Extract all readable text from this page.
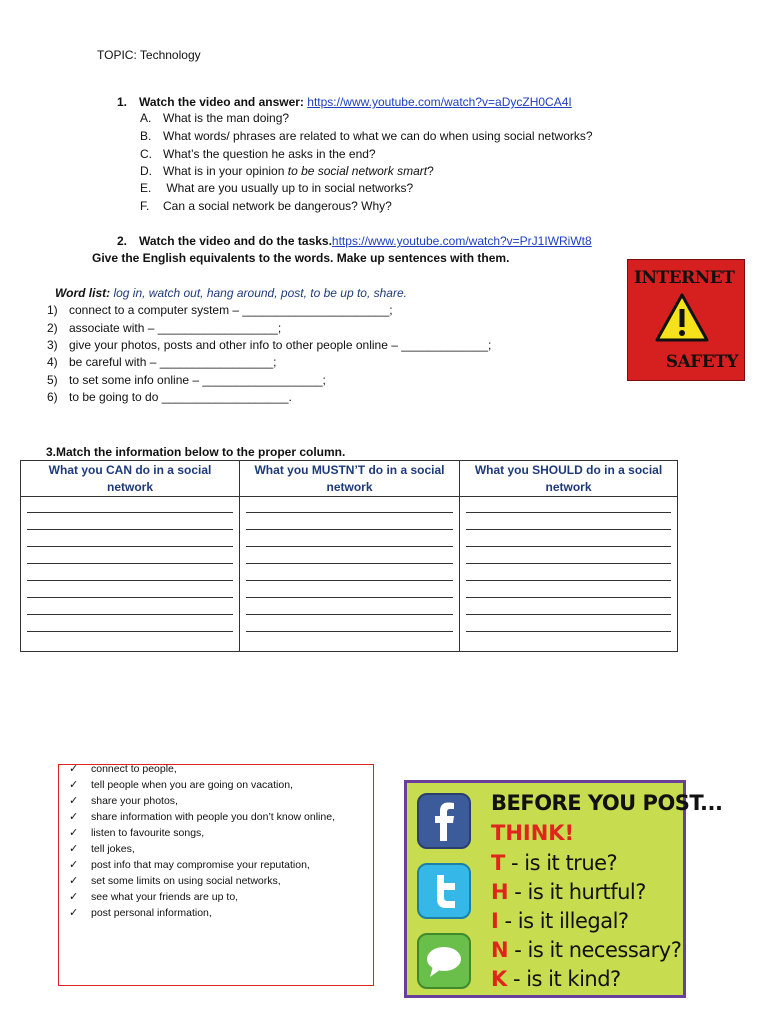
TOPIC: Technology
1. Watch the video and answer: https://www.youtube.com/watch?v=aDycZH0CA4I
A. What is the man doing?
B. What words/ phrases are related to what we can do when using social networks?
C. What’s the question he asks in the end?
D. What is in your opinion to be social network smart?
E. What are you usually up to in social networks?
F. Can a social network be dangerous? Why?
2. Watch the video and do the tasks.https://www.youtube.com/watch?v=PrJ1IWRiWt8
Give the English equivalents to the words. Make up sentences with them.
Word list: log in, watch out, hang around, post, to be up to, share.
1) connect to a computer system – ______________________;
2) associate with – __________________;
3) give your photos, posts and other info to other people online – _____________;
4) be careful with – _________________;
5) to set some info online – __________________;
6) to be going to do ___________________.
INTERNET
SAFETY
3.Match the information below to the proper column.
What you CAN do in a social
network
What you MUSTN’T do in a social
network
What you SHOULD do in a social
network
✓ connect to people,
✓ tell people when you are going on vacation,
✓ share your photos,
✓ share information with people you don’t know online,
✓ listen to favourite songs,
✓ tell jokes,
✓ post info that may compromise your reputation,
✓ set some limits on using social networks,
✓ see what your friends are up to,
✓ post personal information,
BEFORE YOU POST...
THINK!
T - is it true?
H - is it hurtful?
I - is it illegal?
N - is it necessary?
K - is it kind?
